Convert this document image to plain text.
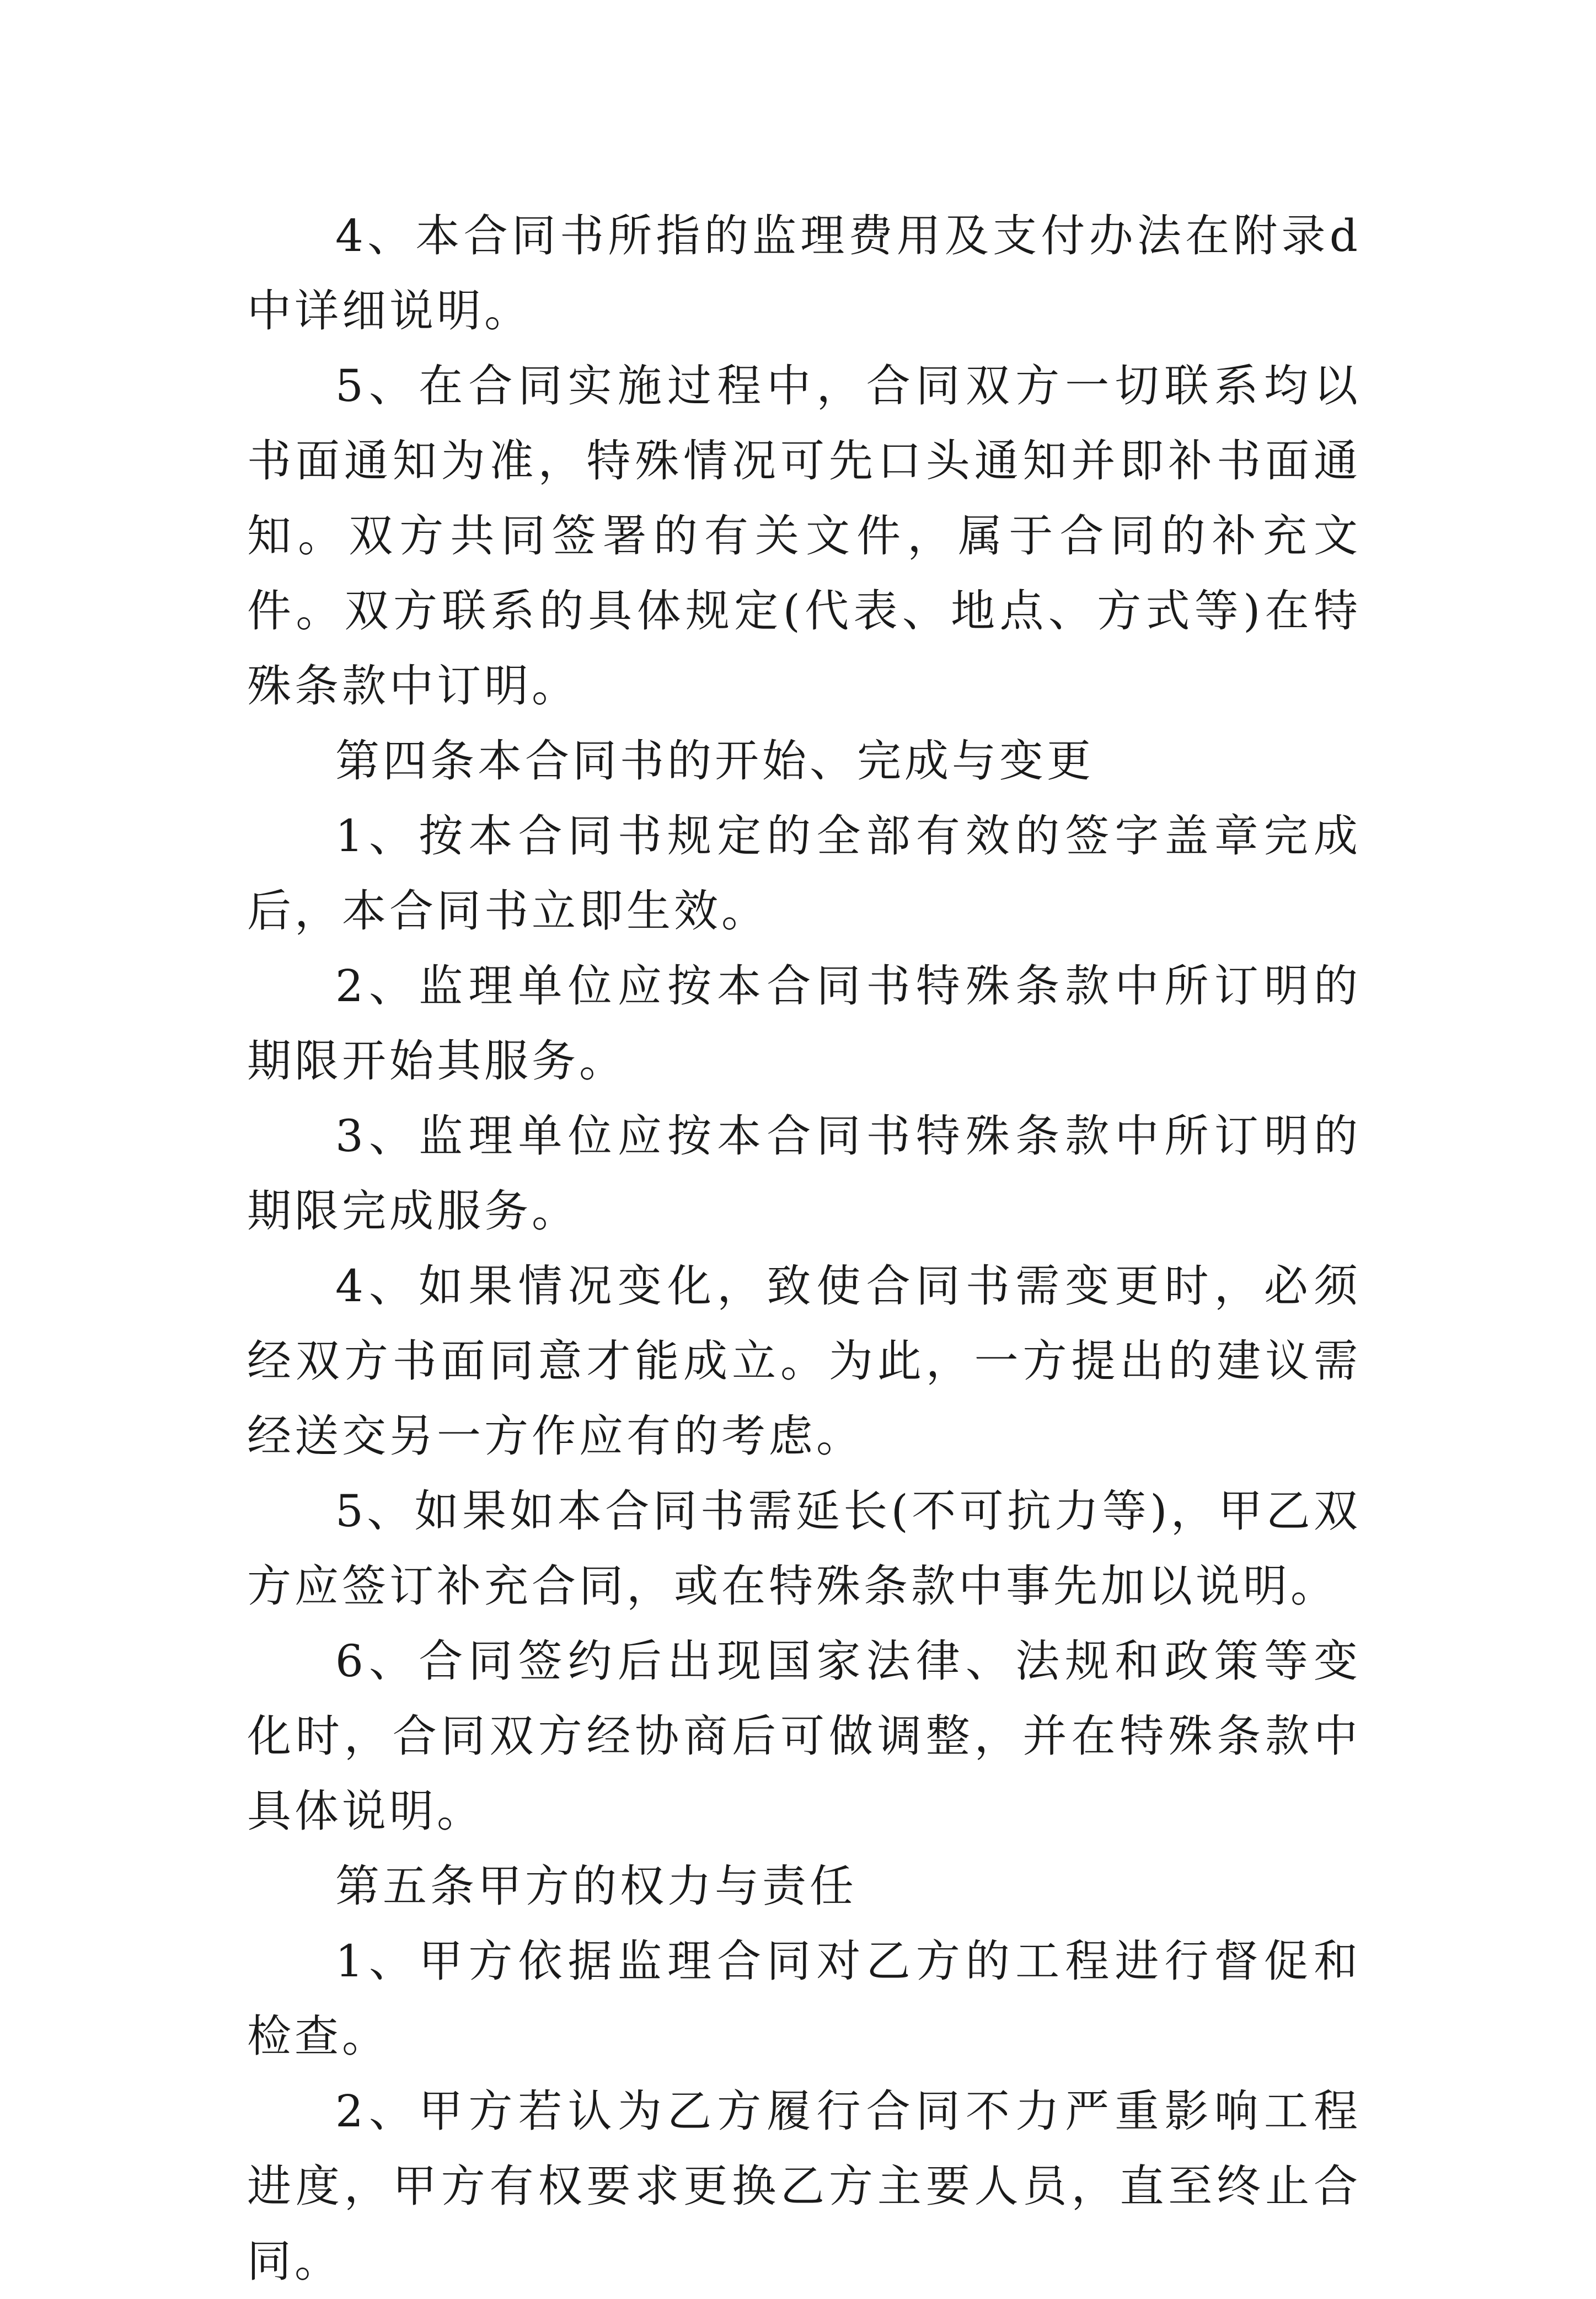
4、本合同书所指的监理费用及支付办法在附录d中详细说明。

5、在合同实施过程中，合同双方一切联系均以书面通知为准，特殊情况可先口头通知并即补书面通知。双方共同签署的有关文件，属于合同的补充文件。双方联系的具体规定(代表、地点、方式等)在特殊条款中订明。

第四条本合同书的开始、完成与变更

1、按本合同书规定的全部有效的签字盖章完成后，本合同书立即生效。

2、监理单位应按本合同书特殊条款中所订明的期限开始其服务。

3、监理单位应按本合同书特殊条款中所订明的期限完成服务。

4、如果情况变化，致使合同书需变更时，必须经双方书面同意才能成立。为此，一方提出的建议需经送交另一方作应有的考虑。

5、如果如本合同书需延长(不可抗力等)，甲乙双方应签订补充合同，或在特殊条款中事先加以说明。

6、合同签约后出现国家法律、法规和政策等变化时，合同双方经协商后可做调整，并在特殊条款中具体说明。

第五条甲方的权力与责任

1、甲方依据监理合同对乙方的工程进行督促和检查。

2、甲方若认为乙方履行合同不力严重影响工程进度，甲方有权要求更换乙方主要人员，直至终止合同。
